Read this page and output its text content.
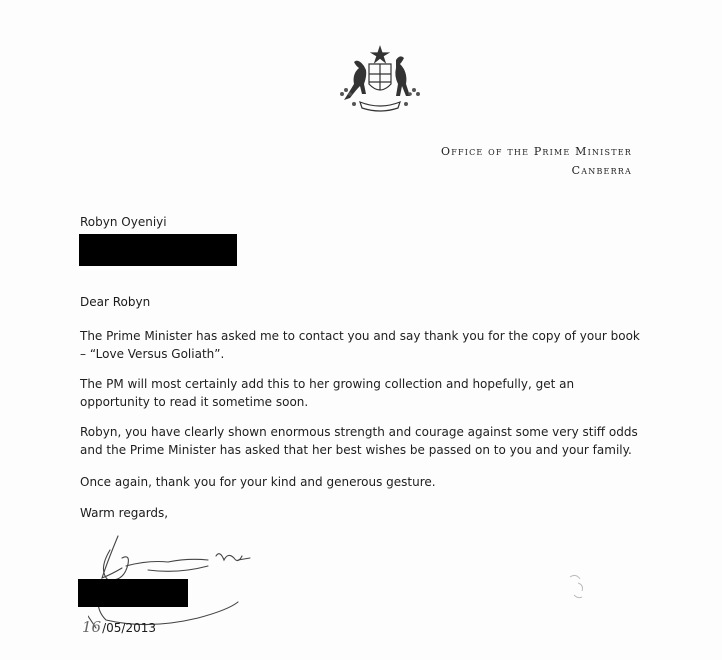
Office of the Prime Minister
Canberra
Robyn Oyeniyi
Dear Robyn
The Prime Minister has asked me to contact you and say thank you for the copy of your book – “Love Versus Goliath”.
The PM will most certainly add this to her growing collection and hopefully, get an opportunity to read it sometime soon.
Robyn, you have clearly shown enormous strength and courage against some very stiff odds and the Prime Minister has asked that her best wishes be passed on to you and your family.
Once again, thank you for your kind and generous gesture.
Warm regards,
16/05/2013
